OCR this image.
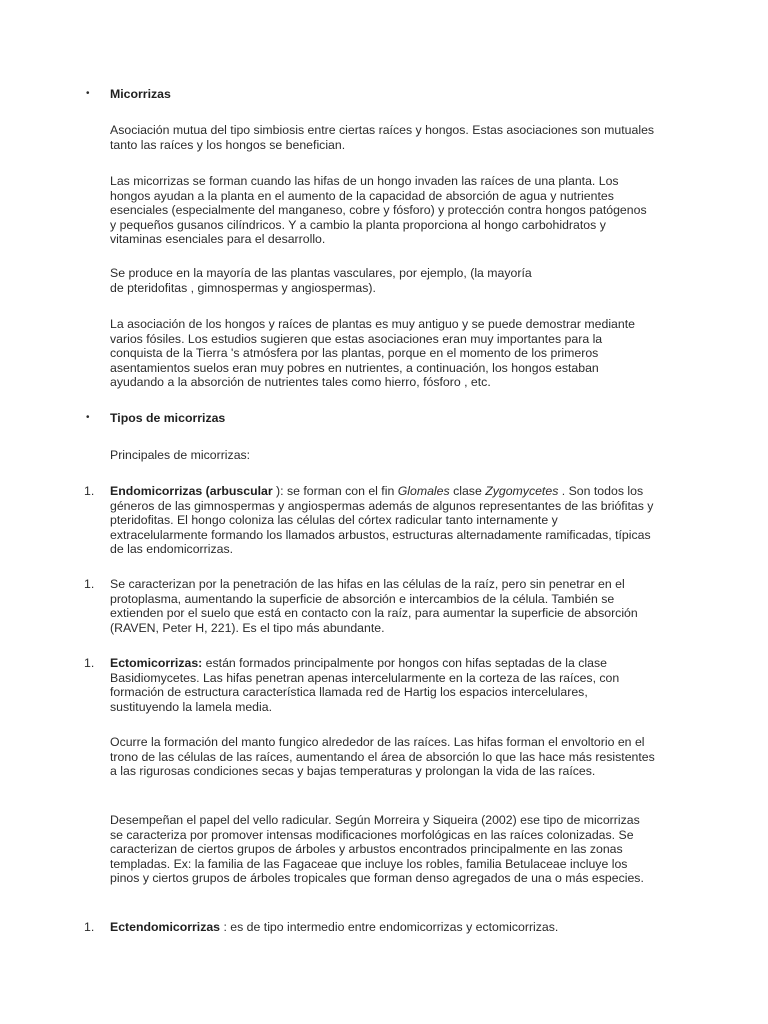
• Micorrizas
Asociación mutua del tipo simbiosis entre ciertas raíces y hongos. Estas asociaciones son mutuales tanto las raíces y los hongos se benefician.
Las micorrizas se forman cuando las hifas de un hongo invaden las raíces de una planta. Los hongos ayudan a la planta en el aumento de la capacidad de absorción de agua y nutrientes esenciales (especialmente del manganeso, cobre y fósforo) y protección contra hongos patógenos y pequeños gusanos cilíndricos. Y a cambio la planta proporciona al hongo carbohidratos y vitaminas esenciales para el desarrollo.
Se produce en la mayoría de las plantas vasculares, por ejemplo, (la mayoría
de pteridofitas , gimnospermas y angiospermas).
La asociación de los hongos y raíces de plantas es muy antiguo y se puede demostrar mediante varios fósiles. Los estudios sugieren que estas asociaciones eran muy importantes para la conquista de la Tierra 's atmósfera por las plantas, porque en el momento de los primeros asentamientos suelos eran muy pobres en nutrientes, a continuación, los hongos estaban ayudando a la absorción de nutrientes tales como hierro, fósforo , etc.
• Tipos de micorrizas
Principales de micorrizas:
1.	Endomicorrizas (arbuscular ): se forman con el fin Glomales clase Zygomycetes . Son todos los géneros de las gimnospermas y angiospermas además de algunos representantes de las briófitas y pteridofitas. El hongo coloniza las células del córtex radicular tanto internamente y extracelularmente formando los llamados arbustos, estructuras alternadamente ramificadas, típicas de las endomicorrizas.
1.	Se caracterizan por la penetración de las hifas en las células de la raíz, pero sin penetrar en el protoplasma, aumentando la superficie de absorción e intercambios de la célula. También se extienden por el suelo que está en contacto con la raíz, para aumentar la superficie de absorción (RAVEN, Peter H, 221). Es el tipo más abundante.
1.	Ectomicorrizas: están formados principalmente por hongos con hifas septadas de la clase Basidiomycetes. Las hifas penetran apenas intercelularmente en la corteza de las raíces, con formación de estructura característica llamada red de Hartig los espacios intercelulares, sustituyendo la lamela media.
Ocurre la formación del manto fungico alrededor de las raíces. Las hifas forman el envoltorio en el trono de las células de las raíces, aumentando el área de absorción lo que las hace más resistentes a las rigurosas condiciones secas y bajas temperaturas y prolongan la vida de las raíces.
Desempeñan el papel del vello radicular. Según Morreira y Siqueira (2002) ese tipo de micorrizas se caracteriza por promover intensas modificaciones morfológicas en las raíces colonizadas. Se caracterizan de ciertos grupos de árboles y arbustos encontrados principalmente en las zonas templadas. Ex: la familia de las Fagaceae que incluye los robles, familia Betulaceae incluye los pinos y ciertos grupos de árboles tropicales que forman denso agregados de una o más especies.
1.	Ectendomicorrizas : es de tipo intermedio entre endomicorrizas y ectomicorrizas.
